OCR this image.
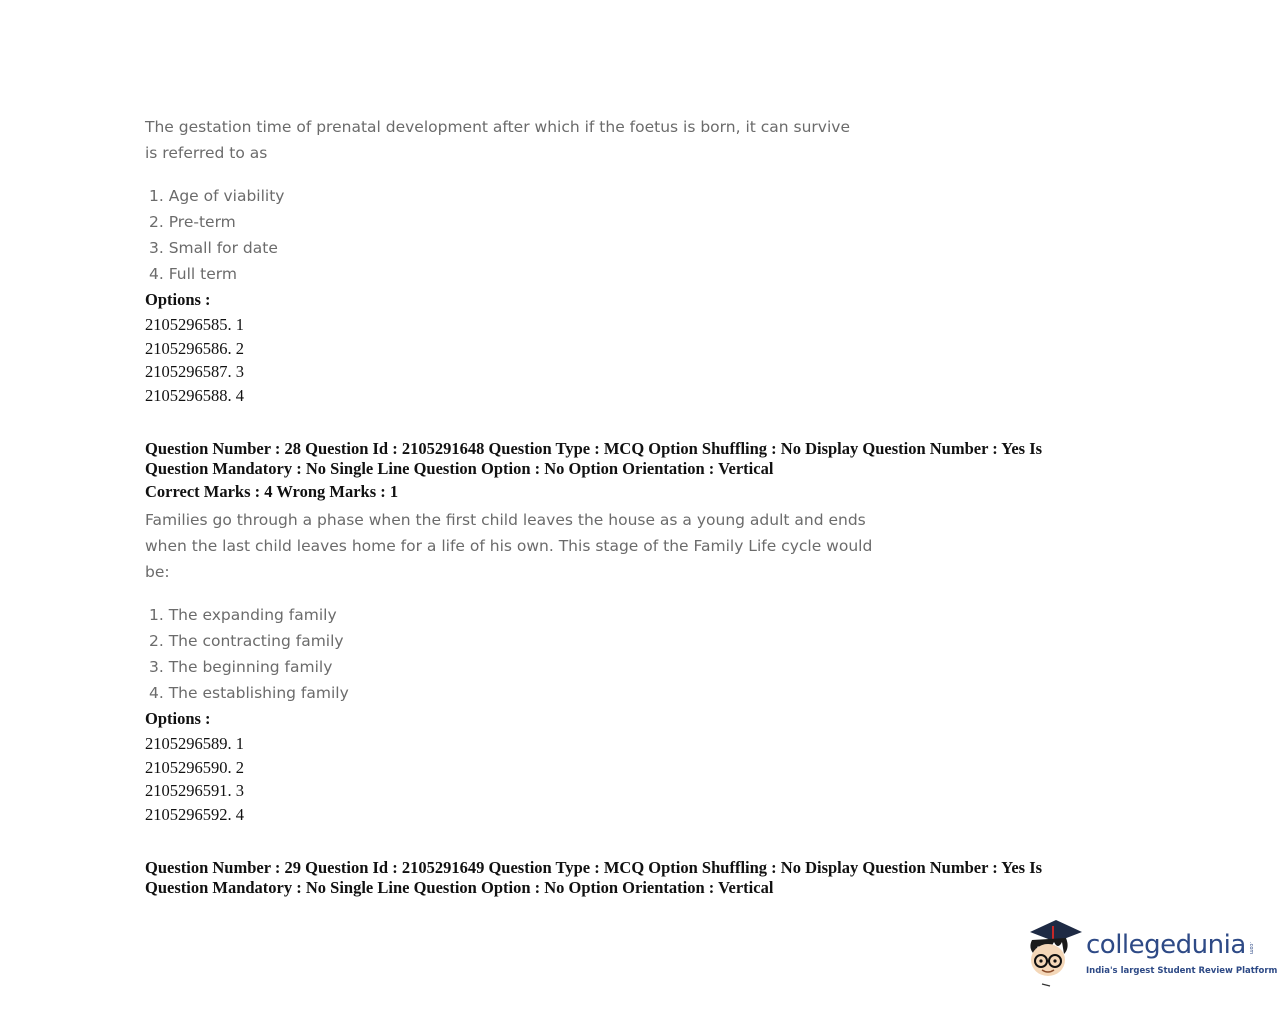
The gestation time of prenatal development after which if the foetus is born, it can survive is referred to as
1. Age of viability
2. Pre-term
3. Small for date
4. Full term
Options :
2105296585. 1
2105296586. 2
2105296587. 3
2105296588. 4
Question Number : 28 Question Id : 2105291648 Question Type : MCQ Option Shuffling : No Display Question Number : Yes Is Question Mandatory : No Single Line Question Option : No Option Orientation : Vertical
Correct Marks : 4 Wrong Marks : 1
Families go through a phase when the first child leaves the house as a young adult and ends when the last child leaves home for a life of his own. This stage of the Family Life cycle would be:
1. The expanding family
2. The contracting family
3. The beginning family
4. The establishing family
Options :
2105296589. 1
2105296590. 2
2105296591. 3
2105296592. 4
Question Number : 29 Question Id : 2105291649 Question Type : MCQ Option Shuffling : No Display Question Number : Yes Is Question Mandatory : No Single Line Question Option : No Option Orientation : Vertical
collegedunia .com
India's largest Student Review Platform
